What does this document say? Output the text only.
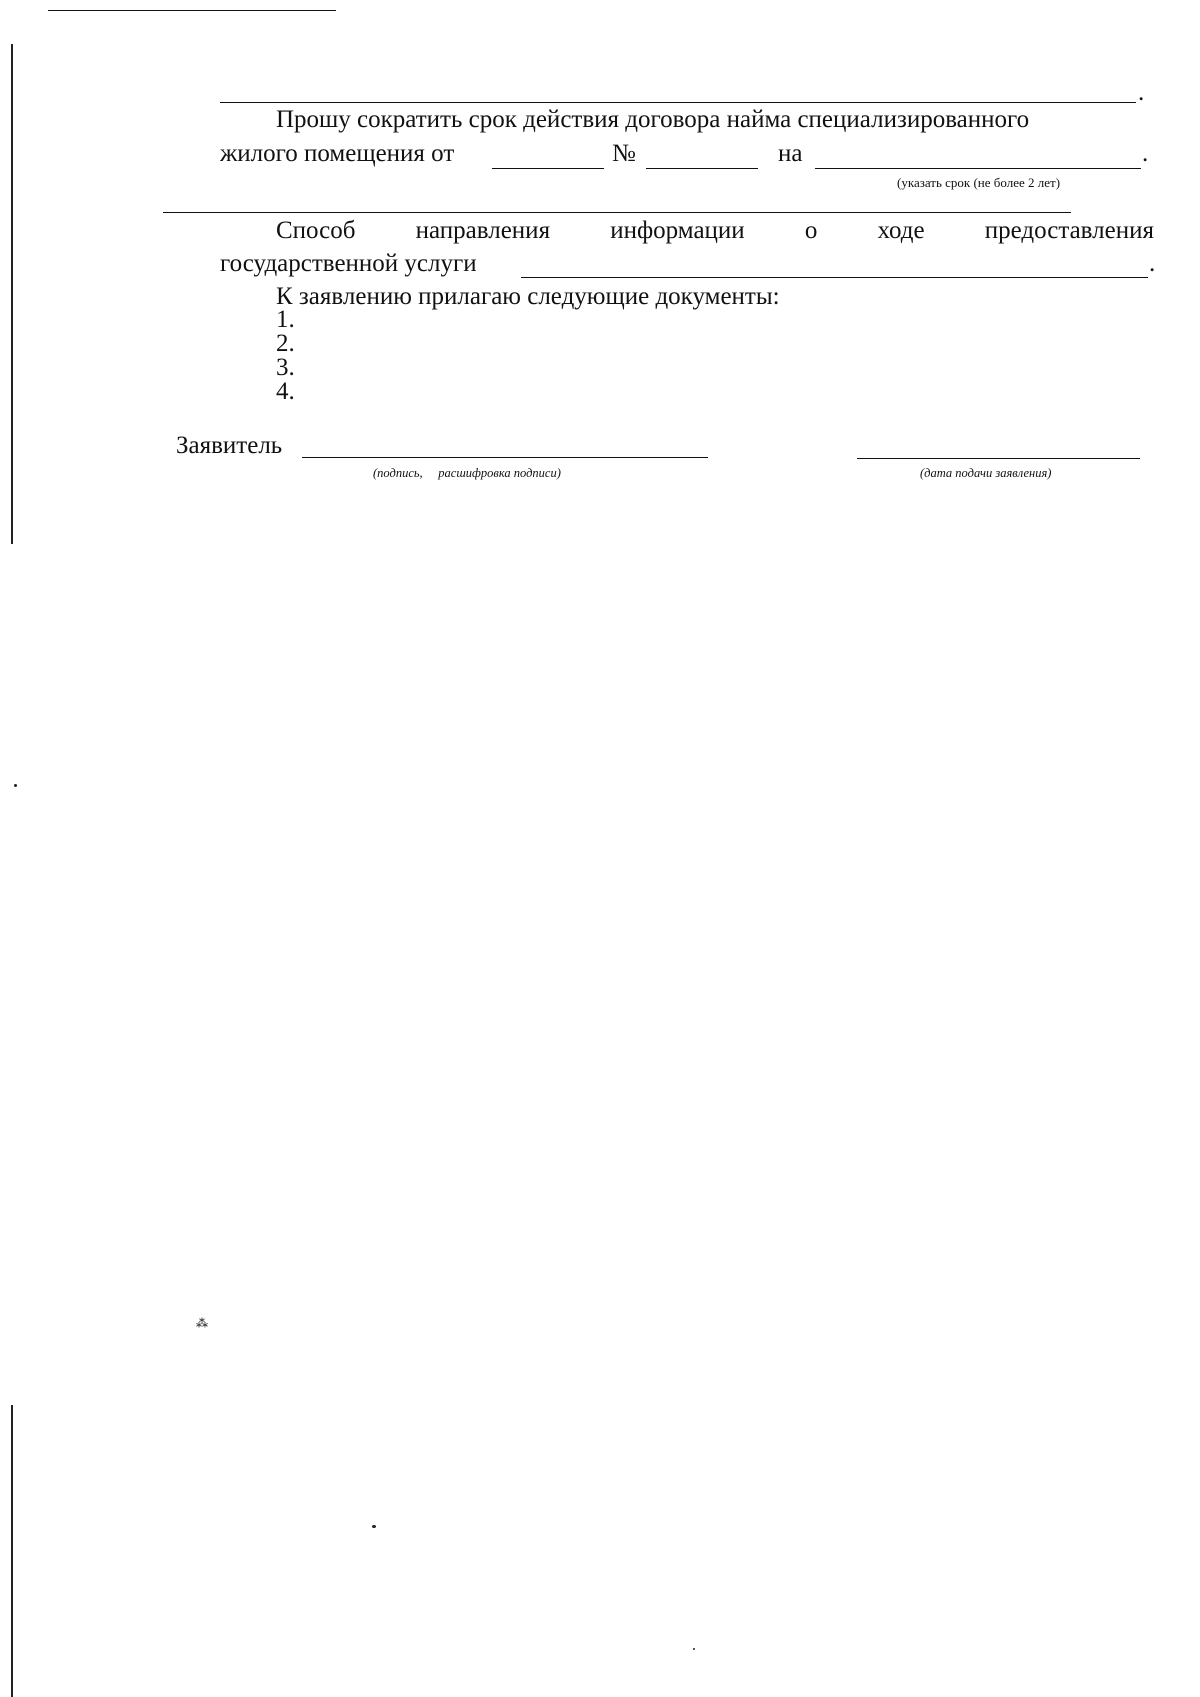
.
Прошу сократить срок действия договора найма специализированного
жилого помещения от	№	на	.
(указать срок (не более 2 лет)
Способ направления информации о ходе предоставления
государственной услуги	.
К заявлению прилагаю следующие документы:
1.
2.
3.
4.
Заявитель
(подпись,     расшифровка подписи)	(дата подачи заявления)
⁂
